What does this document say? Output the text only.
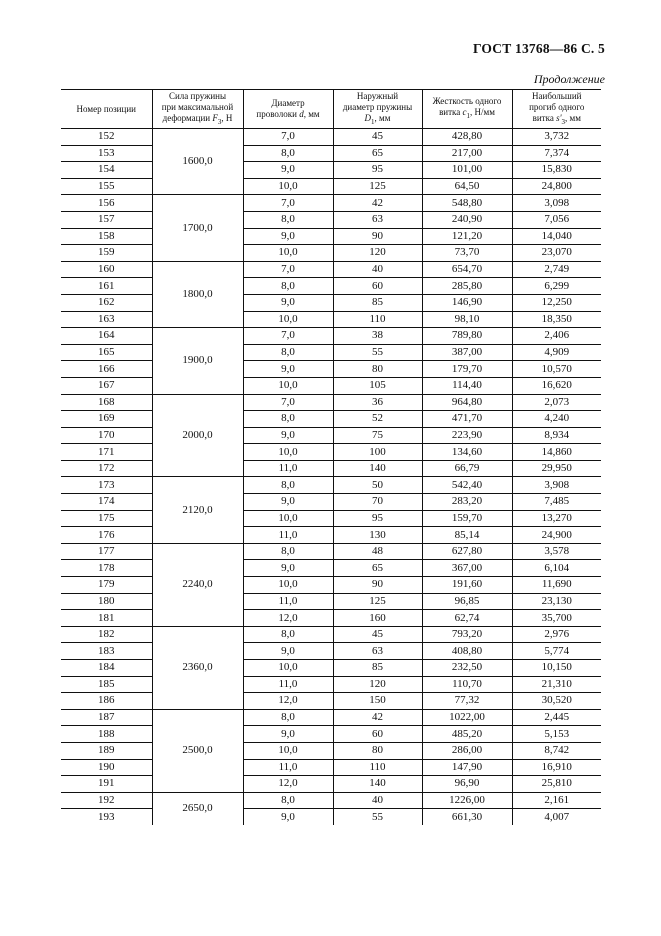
ГОСТ 13768—86 С. 5
Продолжение
Номер позиции	Сила пружины
при максимальной
деформации $F_3$, Н	Диаметр
проволоки d, мм	Наружный
диаметр пружины
$D_1$, мм	Жесткость одного
витка $c_1$, Н/мм	Наибольший
прогиб одного
витка $s'_3$, мм
152	1600,0	7,0	45	428,80	3,732
153		8,0	65	217,00	7,374
154		9,0	95	101,00	15,830
155		10,0	125	64,50	24,800
156	1700,0	7,0	42	548,80	3,098
157		8,0	63	240,90	7,056
158		9,0	90	121,20	14,040
159		10,0	120	73,70	23,070
160	1800,0	7,0	40	654,70	2,749
161		8,0	60	285,80	6,299
162		9,0	85	146,90	12,250
163		10,0	110	98,10	18,350
164	1900,0	7,0	38	789,80	2,406
165		8,0	55	387,00	4,909
166		9,0	80	179,70	10,570
167		10,0	105	114,40	16,620
168	2000,0	7,0	36	964,80	2,073
169		8,0	52	471,70	4,240
170		9,0	75	223,90	8,934
171		10,0	100	134,60	14,860
172		11,0	140	66,79	29,950
173	2120,0	8,0	50	542,40	3,908
174		9,0	70	283,20	7,485
175		10,0	95	159,70	13,270
176		11,0	130	85,14	24,900
177	2240,0	8,0	48	627,80	3,578
178		9,0	65	367,00	6,104
179		10,0	90	191,60	11,690
180		11,0	125	96,85	23,130
181		12,0	160	62,74	35,700
182	2360,0	8,0	45	793,20	2,976
183		9,0	63	408,80	5,774
184		10,0	85	232,50	10,150
185		11,0	120	110,70	21,310
186		12,0	150	77,32	30,520
187	2500,0	8,0	42	1022,00	2,445
188		9,0	60	485,20	5,153
189		10,0	80	286,00	8,742
190		11,0	110	147,90	16,910
191		12,0	140	96,90	25,810
192	2650,0	8,0	40	1226,00	2,161
193		9,0	55	661,30	4,007
